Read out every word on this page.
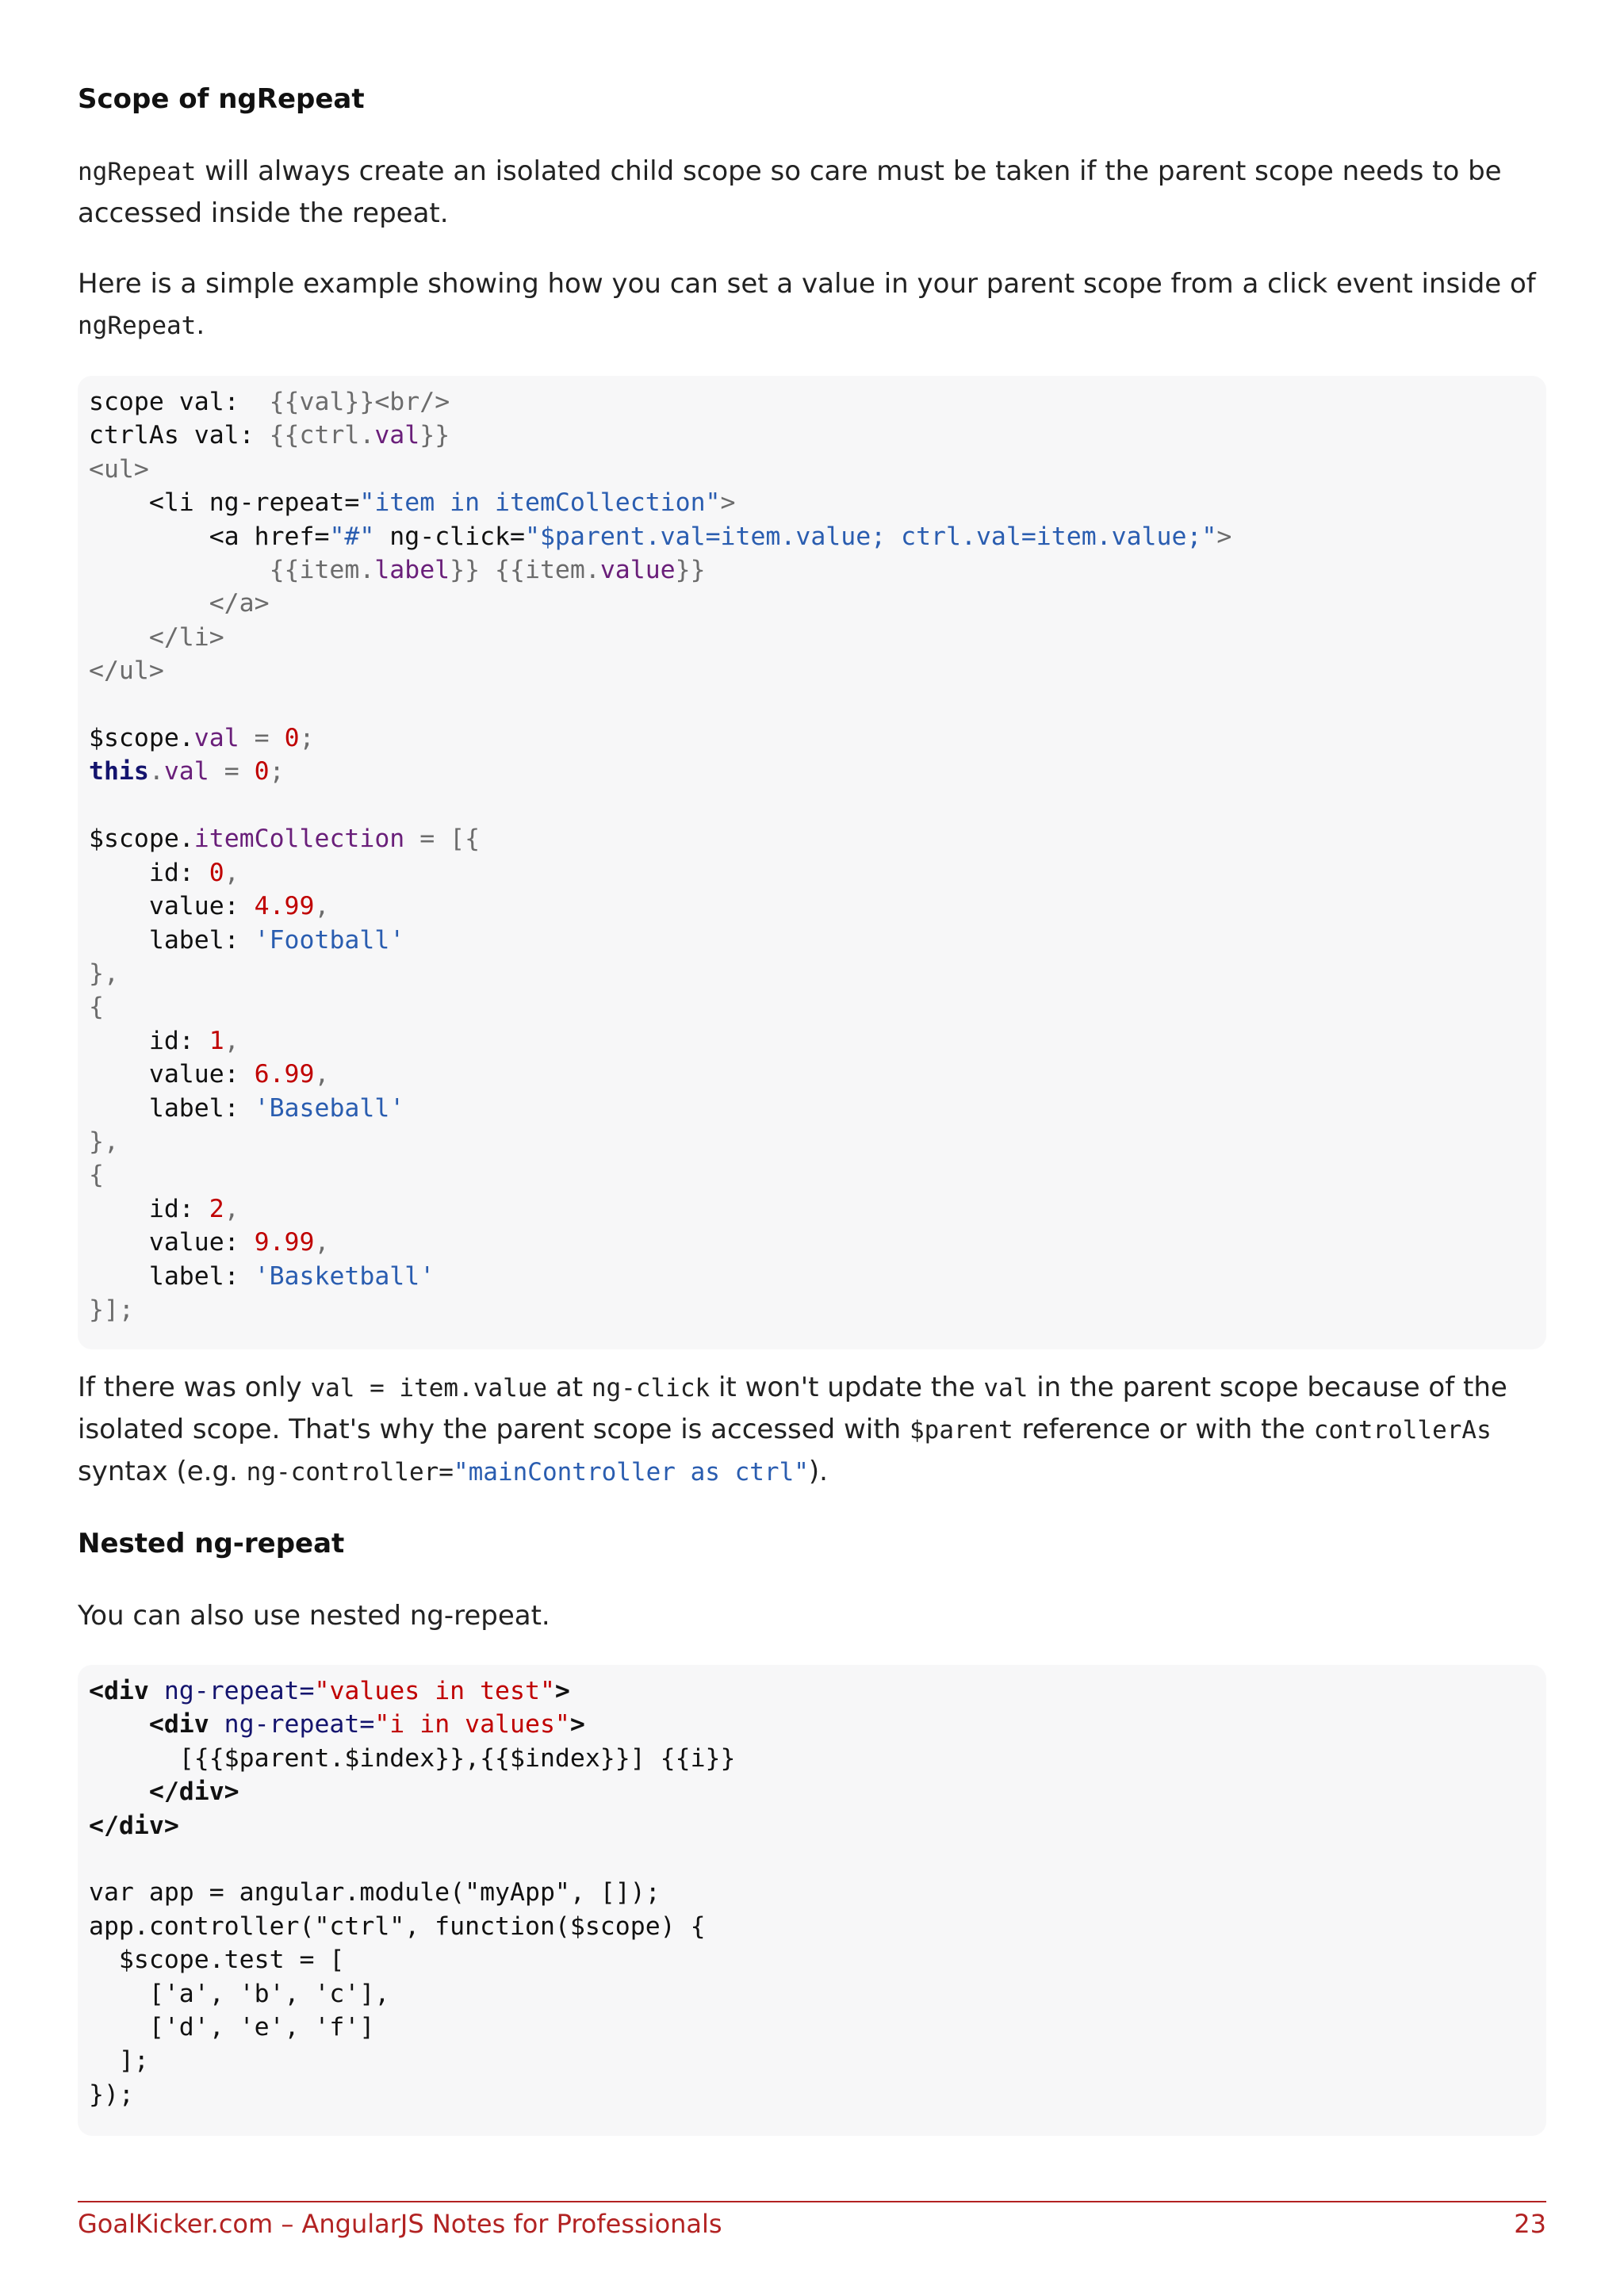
Scope of ngRepeat

ngRepeat will always create an isolated child scope so care must be taken if the parent scope needs to be accessed inside the repeat.

Here is a simple example showing how you can set a value in your parent scope from a click event inside of ngRepeat.

scope val:  {{val}}<br/>
ctrlAs val: {{ctrl.val}}
<ul>
<li ng-repeat="item in itemCollection">
<a href="#" ng-click="$parent.val=item.value; ctrl.val=item.value;">
{{item.label}} {{item.value}}
</a>
</li>
</ul>

$scope.val = 0;
this.val = 0;

$scope.itemCollection = [{
id: 0,
value: 4.99,
label: 'Football'
},
{
id: 1,
value: 6.99,
label: 'Baseball'
},
{
id: 2,
value: 9.99,
label: 'Basketball'
}];

If there was only val = item.value at ng-click it won't update the val in the parent scope because of the isolated scope. That's why the parent scope is accessed with $parent reference or with the controllerAs syntax (e.g. ng-controller="mainController as ctrl").

Nested ng-repeat

You can also use nested ng-repeat.

<div ng-repeat="values in test">
<div ng-repeat="i in values">
[{{$parent.$index}},{{$index}}] {{i}}
</div>
</div>

var app = angular.module("myApp", []);
app.controller("ctrl", function($scope) {
$scope.test = [
['a', 'b', 'c'],
['d', 'e', 'f']
];
});
GoalKicker.com – AngularJS Notes for Professionals	23
